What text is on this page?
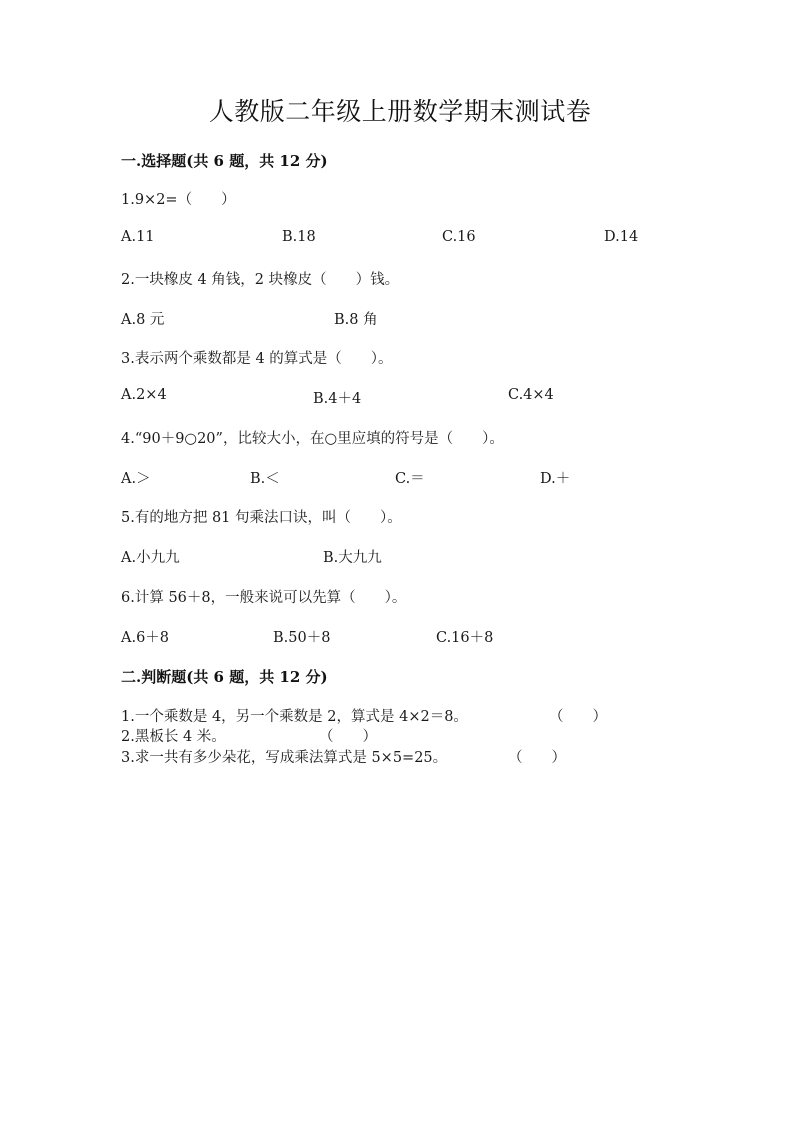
人教版二年级上册数学期末测试卷
一.选择题(共 6 题，共 12 分)
1.9×2=（　　）
A.11	B.18	C.16	D.14
2.一块橡皮 4 角钱，2 块橡皮（　　）钱。
A.8 元	B.8 角
3.表示两个乘数都是 4 的算式是（　　）。
A.2×4	B.4＋4	C.4×4
4.“90＋9○20”，比较大小，在○里应填的符号是（　　）。
A.＞	B.＜	C.＝	D.＋
5.有的地方把 81 句乘法口诀，叫（　　）。
A.小九九	B.大九九
6.计算 56＋8，一般来说可以先算（　　）。
A.6＋8	B.50＋8	C.16＋8
二.判断题(共 6 题，共 12 分)
1.一个乘数是 4，另一个乘数是 2，算式是 4×2＝8。	（　　）
2.黑板长 4 米。	（　　）
3.求一共有多少朵花，写成乘法算式是 5×5=25。	（　　）
